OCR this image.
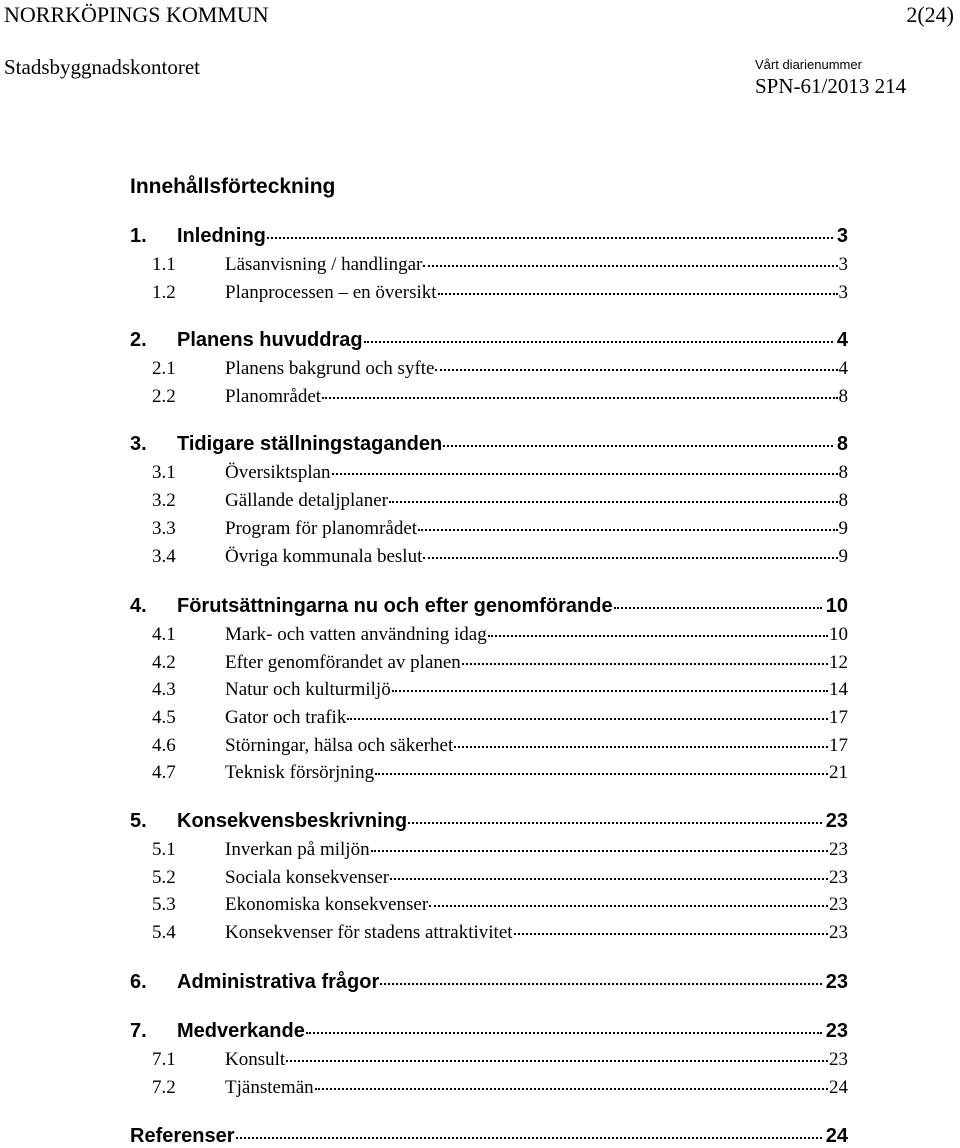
NORRKÖPINGS KOMMUN	2(24)
Stadsbyggnadskontoret	Vårt diarienummer
SPN-61/2013 214
Innehållsförteckning
1.	Inledning	3
1.1	Läsanvisning / handlingar	3
1.2	Planprocessen – en översikt	3
2.	Planens huvuddrag	4
2.1	Planens bakgrund och syfte	4
2.2	Planområdet	8
3.	Tidigare ställningstaganden	8
3.1	Översiktsplan	8
3.2	Gällande detaljplaner	8
3.3	Program för planområdet	9
3.4	Övriga kommunala beslut	9
4.	Förutsättningarna nu och efter genomförande	10
4.1	Mark- och vatten användning idag	10
4.2	Efter genomförandet av planen	12
4.3	Natur och kulturmiljö	14
4.5	Gator och trafik	17
4.6	Störningar, hälsa och säkerhet	17
4.7	Teknisk försörjning	21
5.	Konsekvensbeskrivning	23
5.1	Inverkan på miljön	23
5.2	Sociala konsekvenser	23
5.3	Ekonomiska konsekvenser	23
5.4	Konsekvenser för stadens attraktivitet	23
6.	Administrativa frågor	23
7.	Medverkande	23
7.1	Konsult	23
7.2	Tjänstemän	24
Referenser	24
